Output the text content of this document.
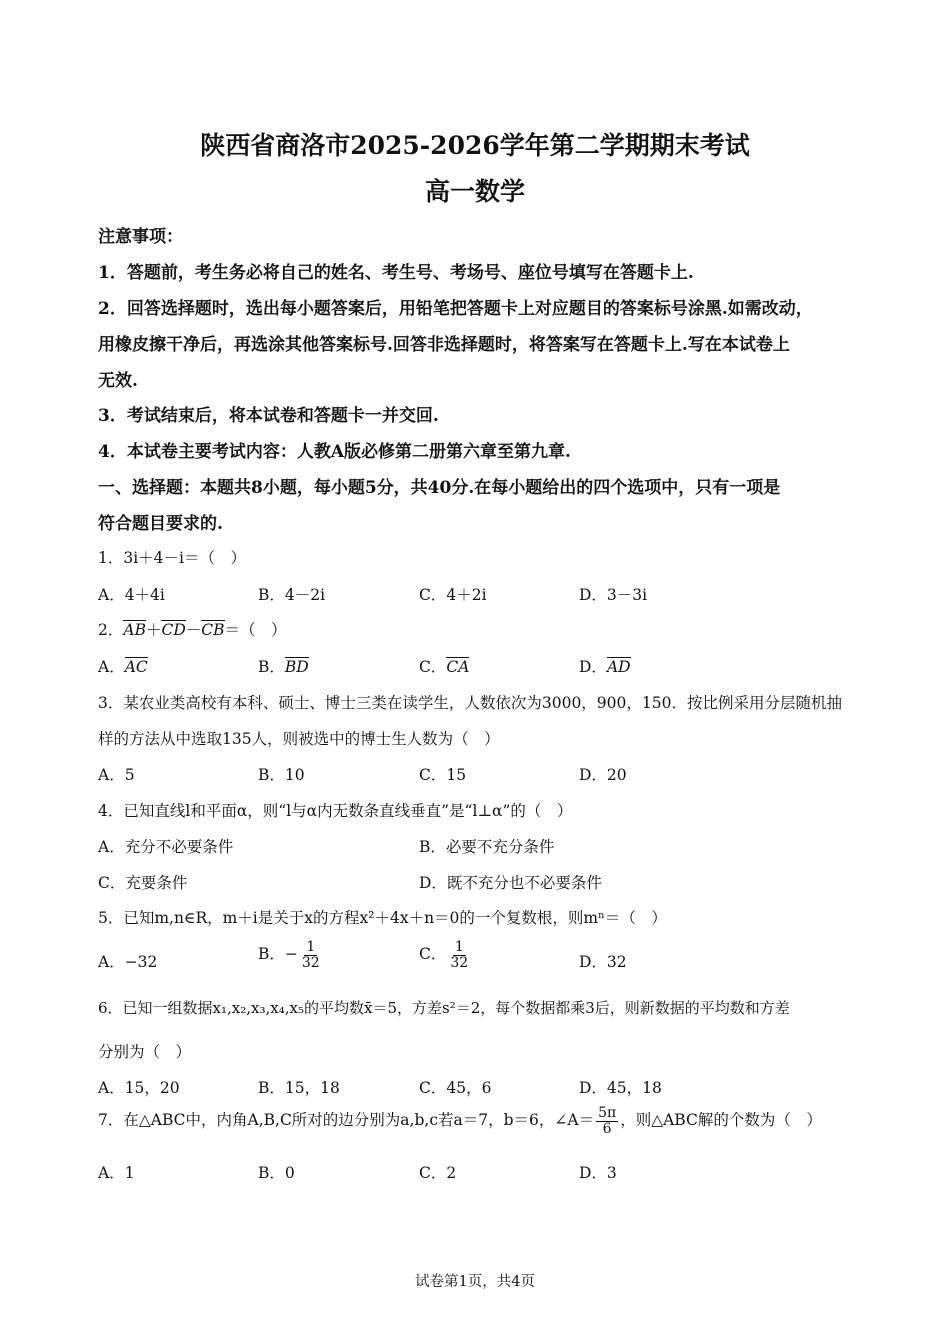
陕西省商洛市2025-2026学年第二学期期末考试
高一数学
注意事项：
1．答题前，考生务必将自己的姓名、考生号、考场号、座位号填写在答题卡上.
2．回答选择题时，选出每小题答案后，用铅笔把答题卡上对应题目的答案标号涂黑.如需改动，
用橡皮擦干净后，再选涂其他答案标号.回答非选择题时，将答案写在答题卡上.写在本试卷上
无效.
3．考试结束后，将本试卷和答题卡一并交回.
4．本试卷主要考试内容：人教A版必修第二册第六章至第九章.
一、选择题：本题共8小题，每小题5分，共40分.在每小题给出的四个选项中，只有一项是
符合题目要求的.
1．3i＋4－i＝（　）
A．4＋4i	B．4－2i	C．4＋2i	D．3－3i
2．AB＋CD－CB＝（　）
A．AC	B．BD	C．CA	D．AD
3．某农业类高校有本科、硕士、博士三类在读学生，人数依次为3000，900，150．按比例采用分层随机抽
样的方法从中选取135人，则被选中的博士生人数为（　）
A．5	B．10	C．15	D．20
4．已知直线l和平面α，则“l与α内无数条直线垂直”是“l⊥α”的（　）
A．充分不必要条件	B．必要不充分条件
C．充要条件	D．既不充分也不必要条件
5．已知m,n∈R，m＋i是关于x的方程x²＋4x＋n＝0的一个复数根，则mⁿ＝（　）
A．−32	B．− $\frac{1}{32}$	C． $\frac{1}{32}$	D．32
6．已知一组数据x₁,x₂,x₃,x₄,x₅的平均数x̄＝5，方差s²＝2，每个数据都乘3后，则新数据的平均数和方差
分别为（　）
A．15，20	B．15，18	C．45，6	D．45，18
7．在△ABC中，内角A,B,C所对的边分别为a,b,c若a＝7，b＝6，∠A＝ $\frac{5\pi}{6}$ ，则△ABC解的个数为（　）
A．1	B．0	C．2	D．3
试卷第1页，共4页
